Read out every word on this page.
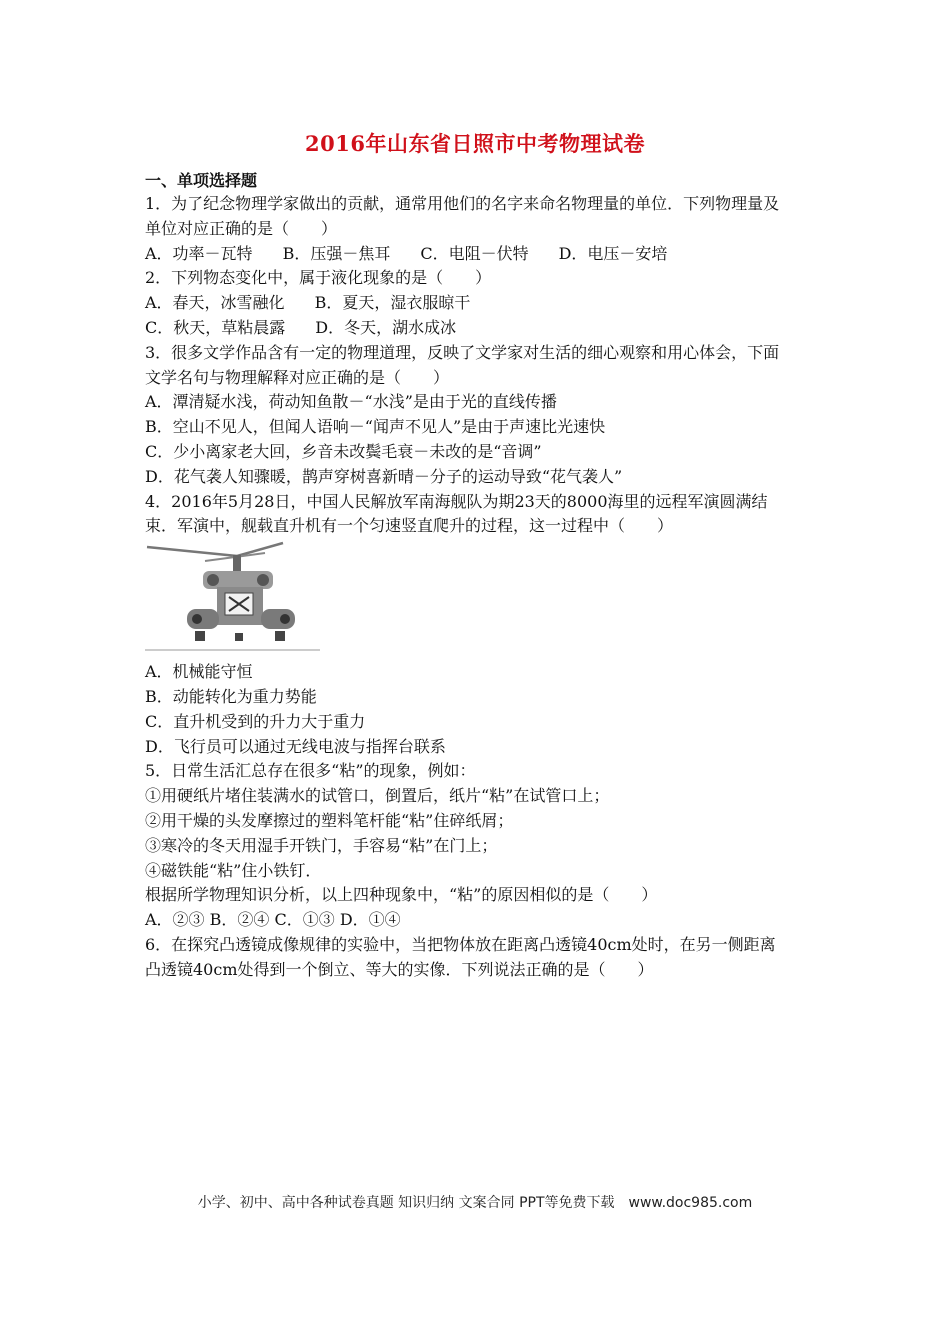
2016年山东省日照市中考物理试卷
一、单项选择题
1．为了纪念物理学家做出的贡献，通常用他们的名字来命名物理量的单位．下列物理量及
单位对应正确的是（　　）
A．功率－瓦特 B．压强－焦耳 C．电阻－伏特 D．电压－安培
2．下列物态变化中，属于液化现象的是（　　）
A．春天，冰雪融化 B．夏天，湿衣服晾干
C．秋天，草粘晨露 D．冬天，湖水成冰
3．很多文学作品含有一定的物理道理，反映了文学家对生活的细心观察和用心体会，下面
文学名句与物理解释对应正确的是（　　）
A．潭清疑水浅，荷动知鱼散－“水浅”是由于光的直线传播
B．空山不见人，但闻人语响－“闻声不见人”是由于声速比光速快
C．少小离家老大回，乡音未改鬓毛衰－未改的是“音调”
D．花气袭人知骤暖，鹊声穿树喜新晴－分子的运动导致“花气袭人”
4．2016年5月28日，中国人民解放军南海舰队为期23天的8000海里的远程军演圆满结
束．军演中，舰载直升机有一个匀速竖直爬升的过程，这一过程中（　　）
A．机械能守恒
B．动能转化为重力势能
C．直升机受到的升力大于重力
D．飞行员可以通过无线电波与指挥台联系
5．日常生活汇总存在很多“粘”的现象，例如：
①用硬纸片堵住装满水的试管口，倒置后，纸片“粘”在试管口上；
②用干燥的头发摩擦过的塑料笔杆能“粘”住碎纸屑；
③寒冷的冬天用湿手开铁门，手容易“粘”在门上；
④磁铁能“粘”住小铁钉．
根据所学物理知识分析，以上四种现象中，“粘”的原因相似的是（　　）
A．②③ B．②④ C．①③ D．①④
6．在探究凸透镜成像规律的实验中，当把物体放在距离凸透镜40cm处时，在另一侧距离
凸透镜40cm处得到一个倒立、等大的实像．下列说法正确的是（　　）
小学、初中、高中各种试卷真题 知识归纳 文案合同 PPT等免费下载　www.doc985.com
